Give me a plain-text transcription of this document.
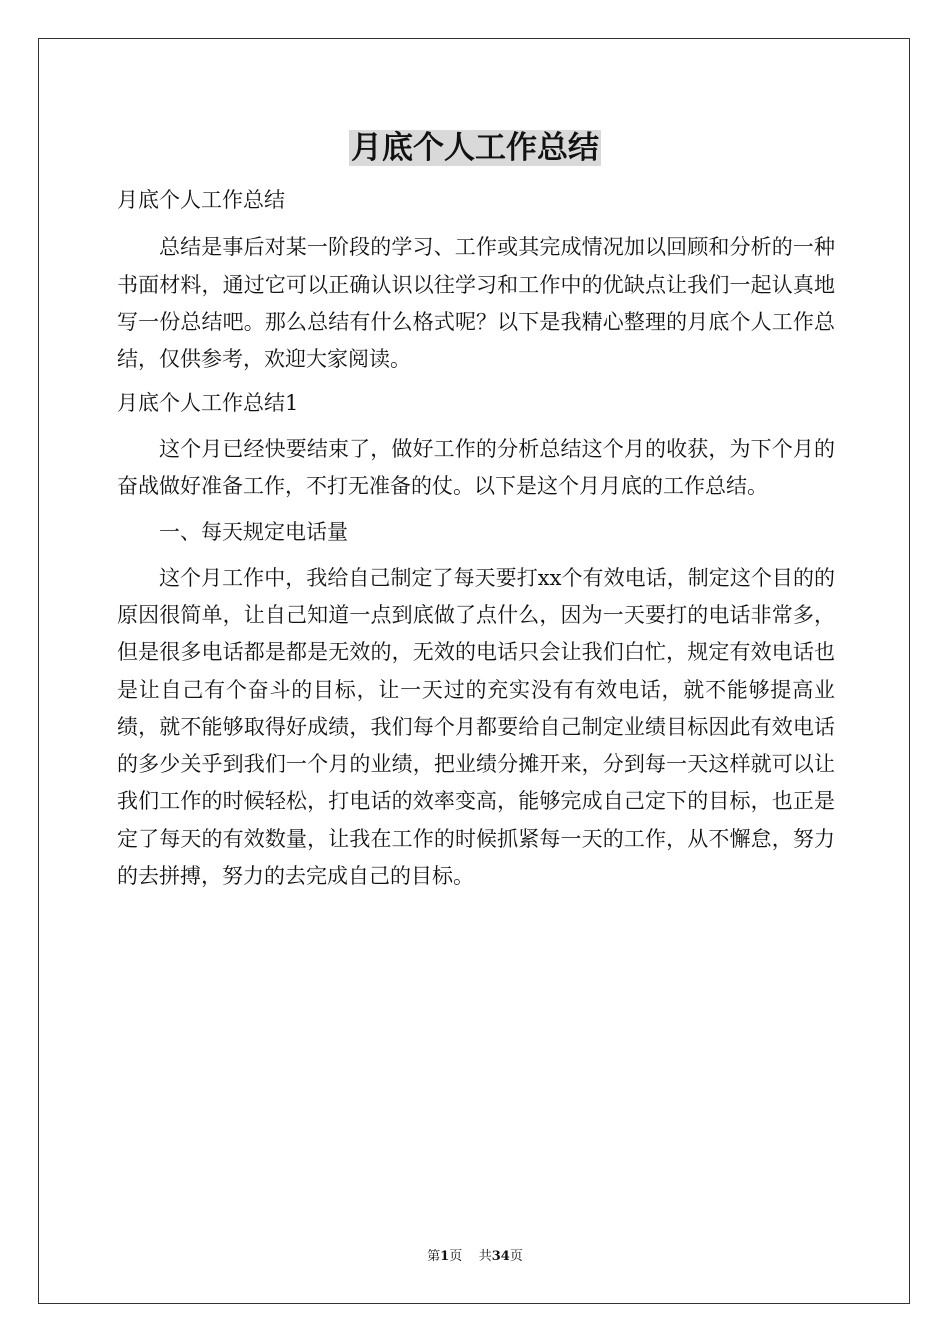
月底个人工作总结

月底个人工作总结

总结是事后对某一阶段的学习、工作或其完成情况加以回顾和分析的一种书面材料，通过它可以正确认识以往学习和工作中的优缺点让我们一起认真地写一份总结吧。那么总结有什么格式呢？以下是我精心整理的月底个人工作总结，仅供参考，欢迎大家阅读。

月底个人工作总结1

这个月已经快要结束了，做好工作的分析总结这个月的收获，为下个月的奋战做好准备工作，不打无准备的仗。以下是这个月月底的工作总结。

一、每天规定电话量

这个月工作中，我给自己制定了每天要打xx个有效电话，制定这个目的的原因很简单，让自己知道一点到底做了点什么，因为一天要打的电话非常多，但是很多电话都是都是无效的，无效的电话只会让我们白忙，规定有效电话也是让自己有个奋斗的目标，让一天过的充实没有有效电话，就不能够提高业绩，就不能够取得好成绩，我们每个月都要给自己制定业绩目标因此有效电话的多少关乎到我们一个月的业绩，把业绩分摊开来，分到每一天这样就可以让我们工作的时候轻松，打电话的效率变高，能够完成自己定下的目标，也正是定了每天的有效数量，让我在工作的时候抓紧每一天的工作，从不懈怠，努力的去拼搏，努力的去完成自己的目标。

第1页 共34页
